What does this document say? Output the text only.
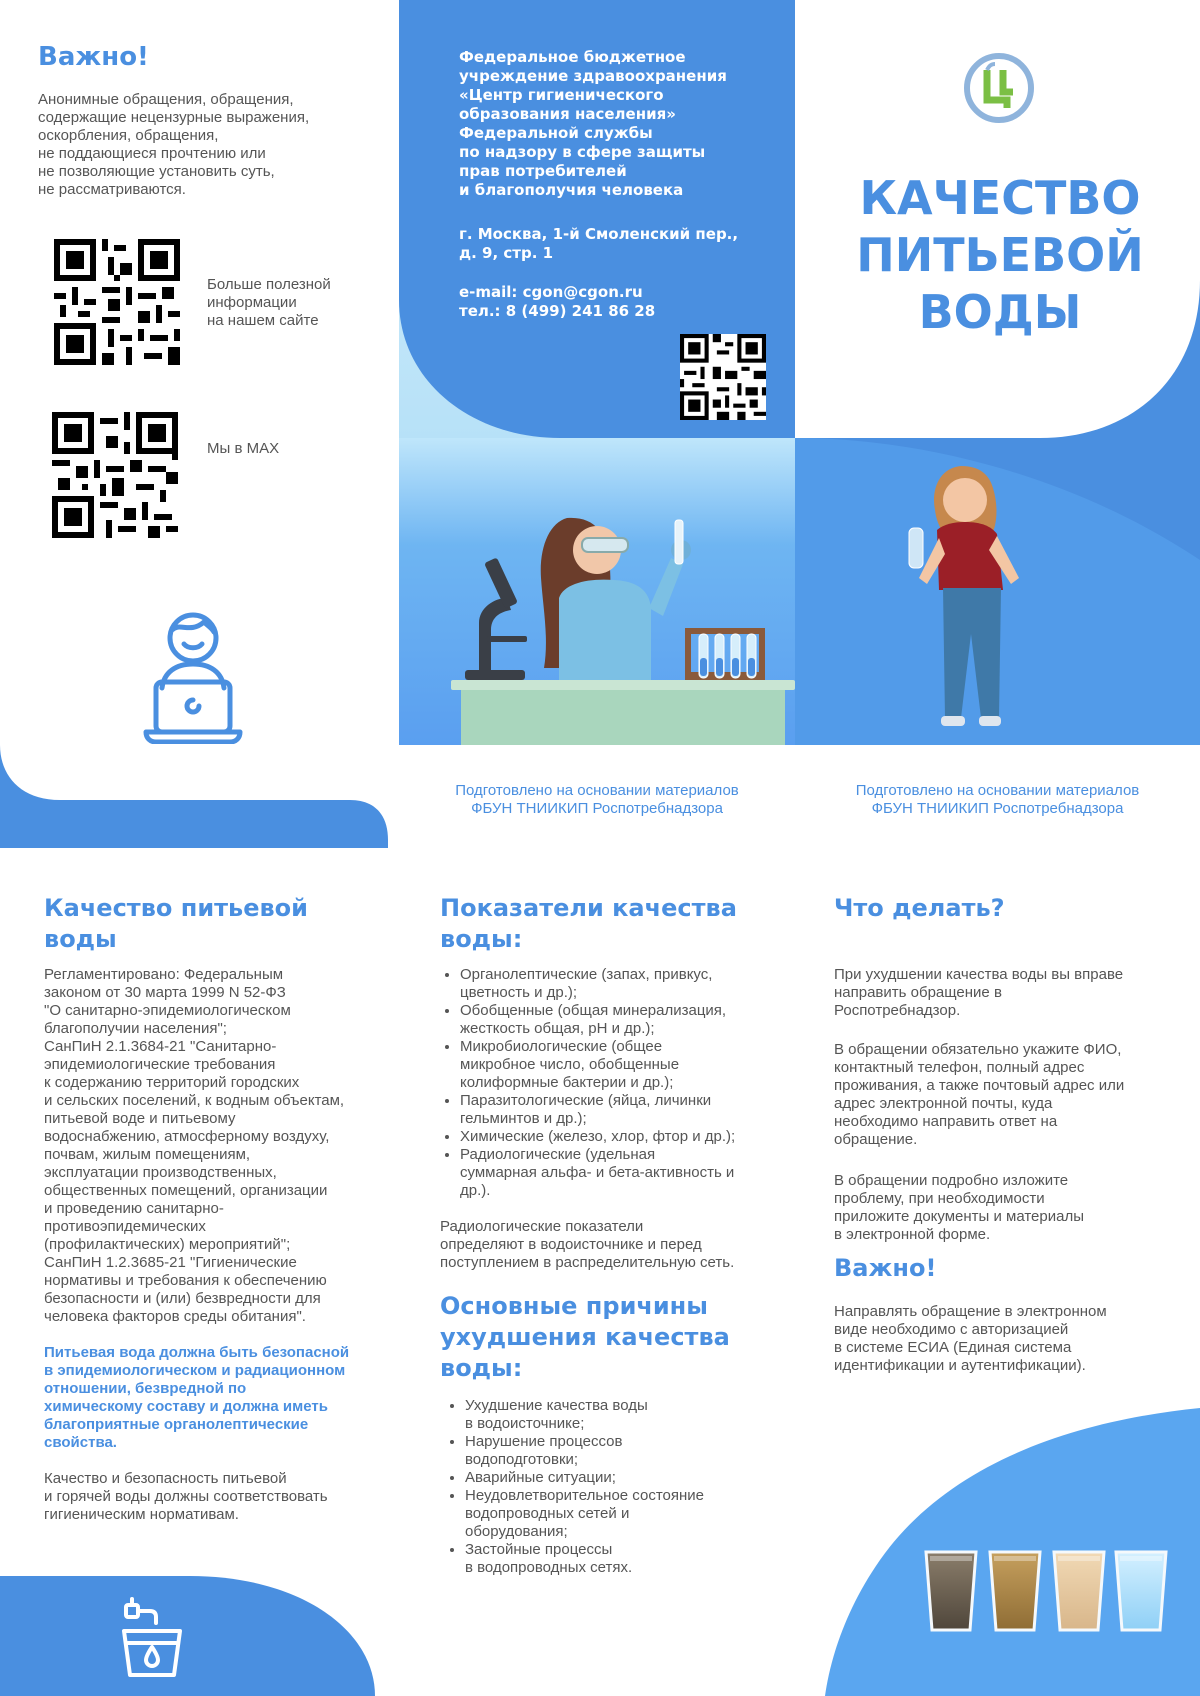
Важно!
Анонимные обращения, обращения,
содержащие нецензурные выражения,
оскорбления, обращения,
не поддающиеся прочтению или
не позволяющие установить суть,
не рассматриваются.
Больше полезной
информации
на нашем сайте
Мы в MAX
Федеральное бюджетное
учреждение здравоохранения
«Центр гигиенического
образования населения»
Федеральной службы
по надзору в сфере защиты
прав потребителей
и благополучия человека
г. Москва, 1-й Смоленский пер.,
д. 9, стр. 1
e-mail: cgon@cgon.ru
тел.: 8 (499) 241 86 28
Подготовлено на основании материалов
ФБУН ТНИИКИП Роспотребнадзора
КАЧЕСТВО
ПИТЬЕВОЙ
ВОДЫ
Подготовлено на основании материалов
ФБУН ТНИИКИП Роспотребнадзора
Качество питьевой
воды
Регламентировано: Федеральным
законом от 30 марта 1999 N 52-ФЗ
"О санитарно-эпидемиологическом
благополучии населения";
СанПиН 2.1.3684-21 "Санитарно-
эпидемиологические требования
к содержанию территорий городских
и сельских поселений, к водным объектам,
питьевой воде и питьевому
водоснабжению, атмосферному воздуху,
почвам, жилым помещениям,
эксплуатации производственных,
общественных помещений, организации
и проведению санитарно-
противоэпидемических
(профилактических) мероприятий";
СанПиН 1.2.3685-21 "Гигиенические
нормативы и требования к обеспечению
безопасности и (или) безвредности для
человека факторов среды обитания".
Питьевая вода должна быть безопасной
в эпидемиологическом и радиационном
отношении, безвредной по
химическому составу и должна иметь
благоприятные органолептические
свойства.
Качество и безопасность питьевой
и горячей воды должны соответствовать
гигиеническим нормативам.
Показатели качества
воды:
• Органолептические (запах, привкус,
цветность и др.);
• Обобщенные (общая минерализация,
жесткость общая, pH и др.);
• Микробиологические (общее
микробное число, обобщенные
колиформные бактерии и др.);
• Паразитологические (яйца, личинки
гельминтов и др.);
• Химические (железо, хлор, фтор и др.);
• Радиологические (удельная
суммарная альфа- и бета-активность и
др.).
Радиологические показатели
определяют в водоисточнике и перед
поступлением в распределительную сеть.
Основные причины
ухудшения качества
воды:
• Ухудшение качества воды
в водоисточнике;
• Нарушение процессов
водоподготовки;
• Аварийные ситуации;
• Неудовлетворительное состояние
водопроводных сетей и
оборудования;
• Застойные процессы
в водопроводных сетях.
Что делать?
При ухудшении качества воды вы вправе
направить обращение в
Роспотребнадзор.
В обращении обязательно укажите ФИО,
контактный телефон, полный адрес
проживания, а также почтовый адрес или
адрес электронной почты, куда
необходимо направить ответ на
обращение.
В обращении подробно изложите
проблему, при необходимости
приложите документы и материалы
в электронной форме.
Важно!
Направлять обращение в электронном
виде необходимо с авторизацией
в системе ЕСИА (Единая система
идентификации и аутентификации).
